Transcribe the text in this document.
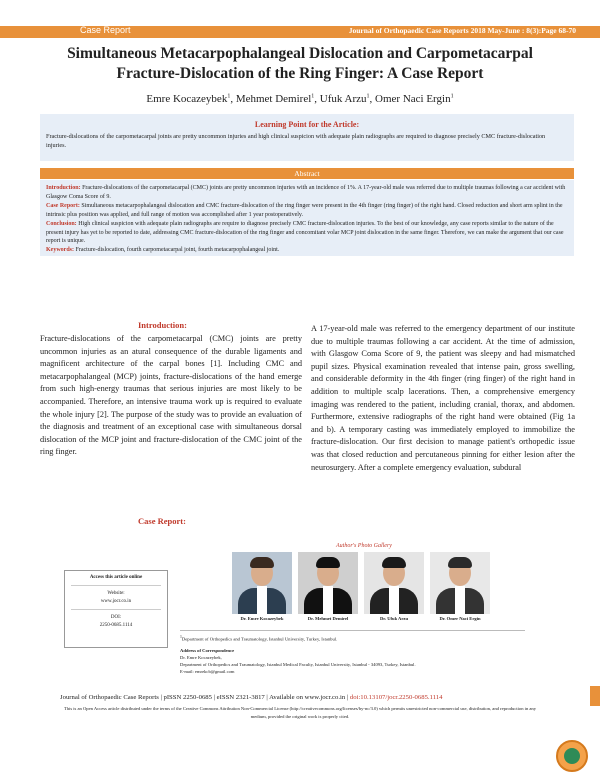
Case Report	Journal of Orthopaedic Case Reports 2018 May-June : 8(3):Page 68-70
Simultaneous Metacarpophalangeal Dislocation and Carpometacarpal
Fracture-Dislocation of the Ring Finger: A Case Report
Emre Kocazeybek$^1$, Mehmet Demirel$^1$, Ufuk Arzu$^1$, Omer Naci Ergin$^1$
Learning Point for the Article:
Fracture-dislocations of the carpometacarpal joints are pretty uncommon injuries and high clinical suspicion with adequate plain radiographs are required to diagnose precisely CMC fracture-dislocation injuries.
Abstract
Introduction: Fracture-dislocations of the carpometacarpal (CMC) joints are pretty uncommon injuries with an incidence of 1%. A 17-year-old male was referred due to multiple traumas following a car accident with Glasgow Coma Score of 9.
Case Report: Simultaneous metacarpophalangeal dislocation and CMC fracture-dislocation of the ring finger were present in the 4th finger (ring finger) of the right hand. Closed reduction and short arm splint in the intrinsic plus position was applied, and full range of motion was accomplished after 1 year postoperatively.
Conclusion: High clinical suspicion with adequate plain radiographs are require to diagnose precisely CMC fracture-dislocation injuries. To the best of our knowledge, any case reports similar to the nature of the present injury has yet to be reported to date, addressing CMC fracture-dislocation of the ring finger and concomitant volar MCP joint dislocation in the same finger. Therefore, we can make the argument that our case report is unique.
Keywords: Fracture-dislocation, fourth carpometacarpal joint, fourth metacarpophalangeal joint.
Introduction:
Fracture-dislocations of the carpometacarpal (CMC) joints are pretty uncommon injuries as an atural consequence of the durable ligaments and magnificent architecture of the carpal bones [1]. Including CMC and metacarpophalangeal (MCP) joints, fracture-dislocations of the hand emerge from such high-energy traumas that serious injuries are most likely to be accompanied. Therefore, an intensive trauma work up is required to evaluate the whole injury [2]. The purpose of the study was to provide an evaluation of the diagnosis and treatment of an exceptional case with simultaneous dorsal dislocation of the MCP joint and fracture-dislocation of the CMC joint of the ring finger.
A 17-year-old male was referred to the emergency department of our institute due to multiple traumas following a car accident. At the time of admission, with Glasgow Coma Score of 9, the patient was sleepy and had mismatched pupil sizes. Physical examination revealed that intense pain, gross swelling, and considerable deformity in the 4th finger (ring finger) of the right hand in addition to multiple scalp lacerations. Then, a comprehensive emergency imaging was rendered to the patient, including cranial, thorax, and abdomen. Furthermore, extensive radiographs of the right hand were obtained (Fig 1a and b). A temporary casting was immediately employed to immobilize the fracture-dislocation. Our first decision to manage patient's orthopedic issue was that closed reduction and percutaneous pinning for either lesion after the neurosurgery. After a complete emergency evaluation, subdural
Case Report:
Access this article online
Website:
www.jocr.co.in
DOI:
2250-0685.1114
Author's Photo Gallery
Dr. Emre Kocazeybek	Dr. Mehmet Demirel	Dr. Ufuk Arzu	Dr. Omer Naci Ergin
$^1$Department of Orthopedics and Traumatology, Istanbul University, Turkey, Istanbul.
Address of Correspondence
Dr. Emre Kocazeybek,
Department of Orthopedics and Traumatology, Istanbul Medical Faculty, Istanbul University, Istanbul - 34093, Turkey, Istanbul.
E-mail: emrekcb@gmail.com
Journal of Orthopaedic Case Reports | pISSN 2250-0685 | eISSN 2321-3817 | Available on www.jocr.co.in | doi:10.13107/jocr.2250-0685.1114
This is an Open Access article distributed under the terms of the Creative Commons Attribution Non-Commercial License (http://creativecommons.org/licenses/by-nc/3.0) which permits unrestricted non-commercial use, distribution, and reproduction in any medium, provided the original work is properly cited.
